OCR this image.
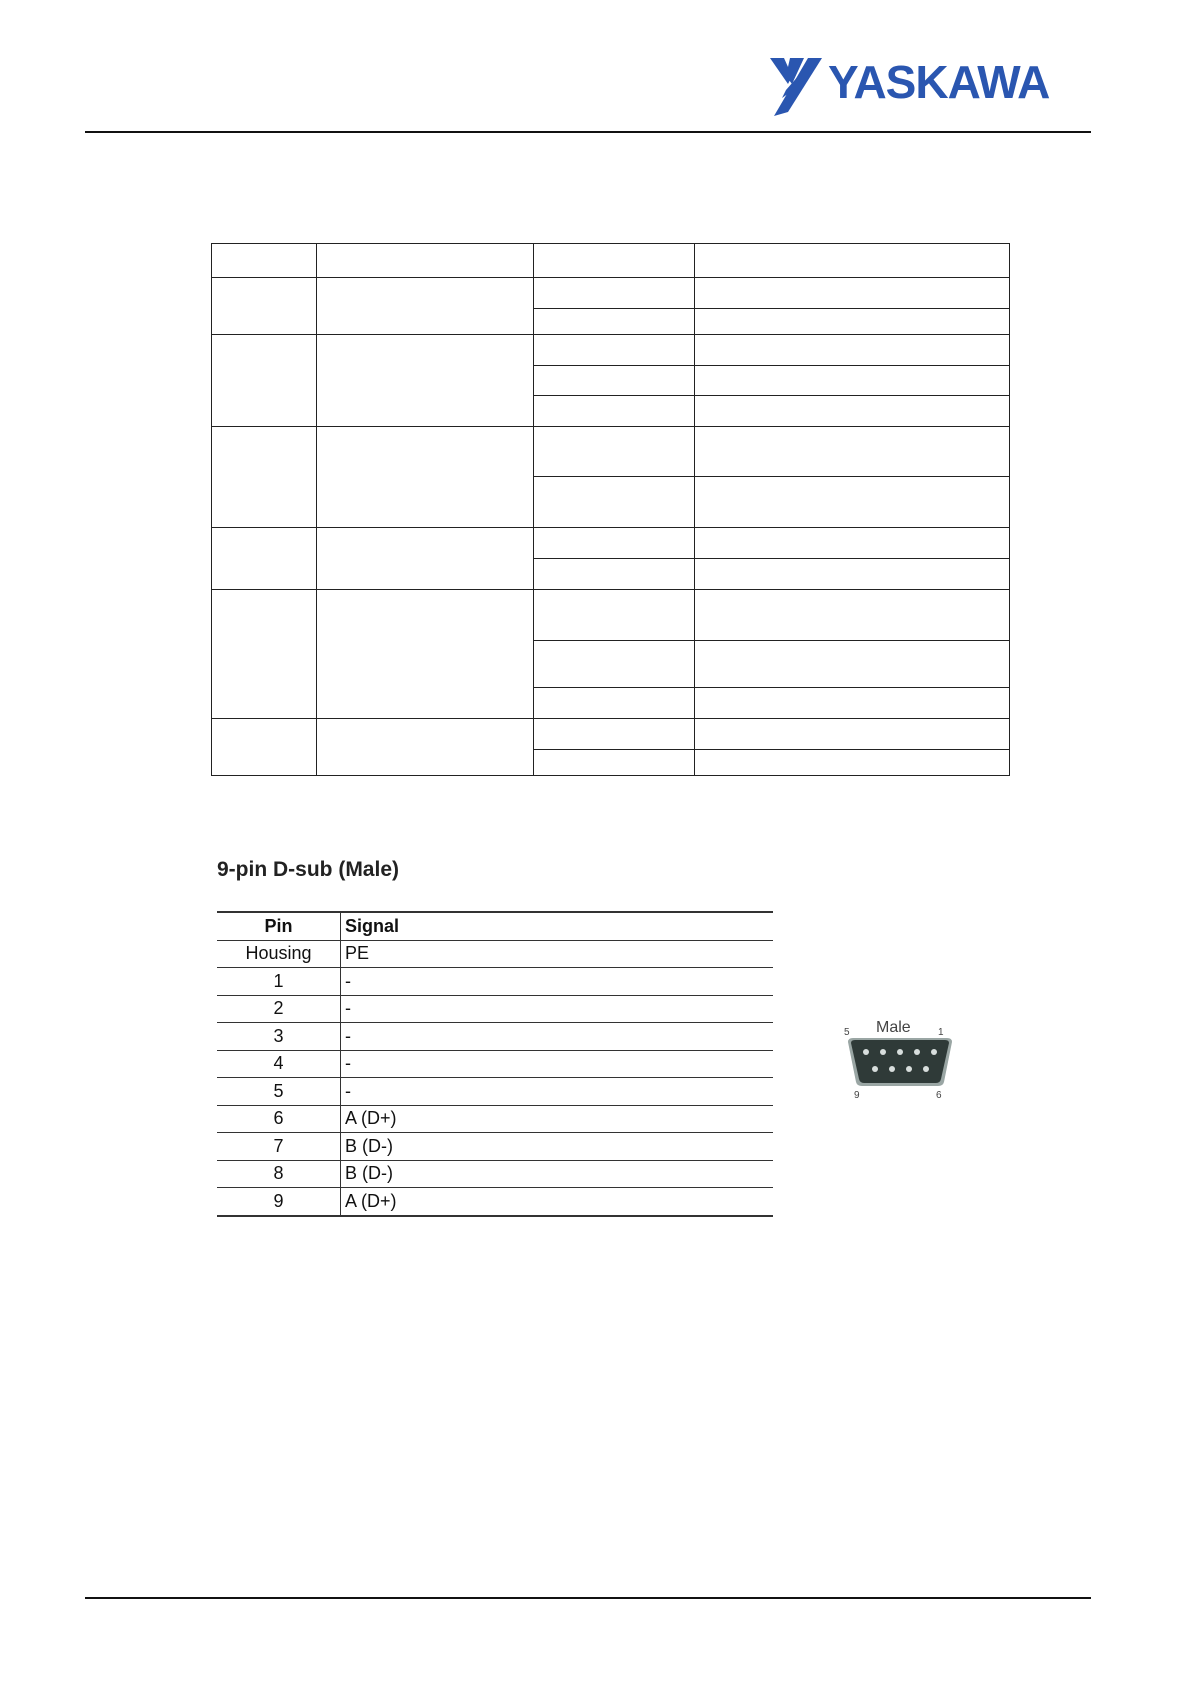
YASKAWA

9-pin D-sub (Male)
Pin	Signal
Housing	PE
1	-
2	-
3	-
4	-
5	-
6	A (D+)
7	B (D-)
8	B (D-)
9	A (D+)
5 Male	1
9	6
